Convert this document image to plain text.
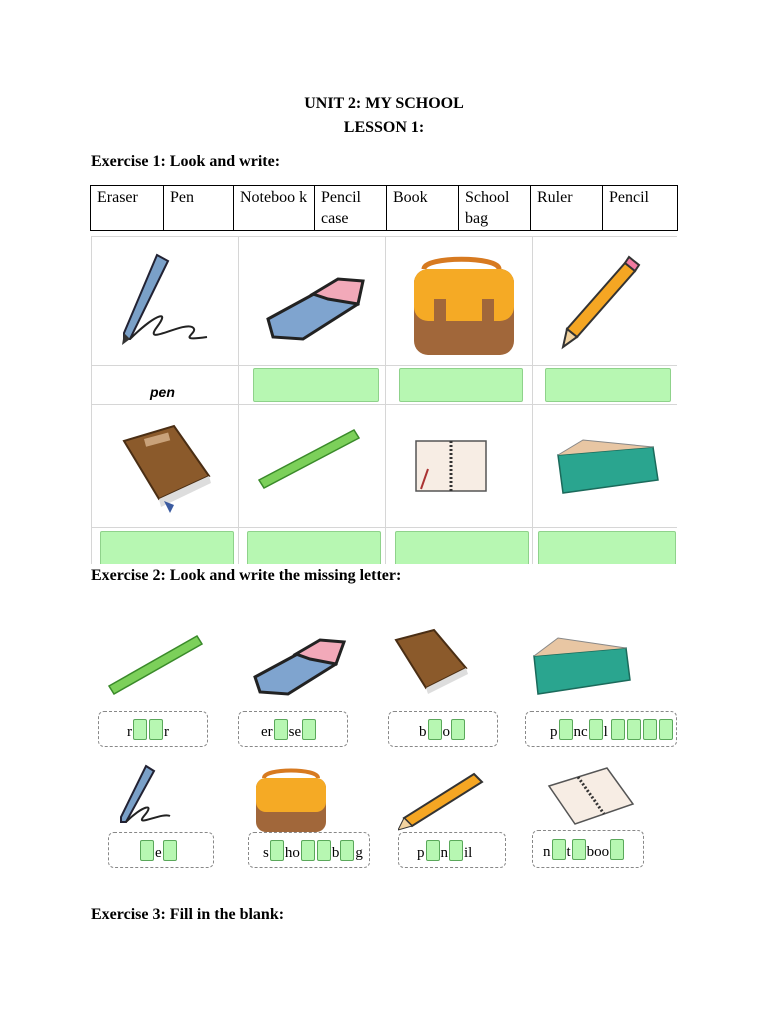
UNIT 2: MY SCHOOL
LESSON 1:
Exercise 1: Look and write:
Eraser	Pen	Noteboo k	Pencil case	Book	School bag	Ruler	Pencil
pen
Exercise 2: Look and write the missing letter:
r r	er se	b o	p nc l
e	s ho b g	p n il	n t boo
Exercise 3: Fill in the blank:
